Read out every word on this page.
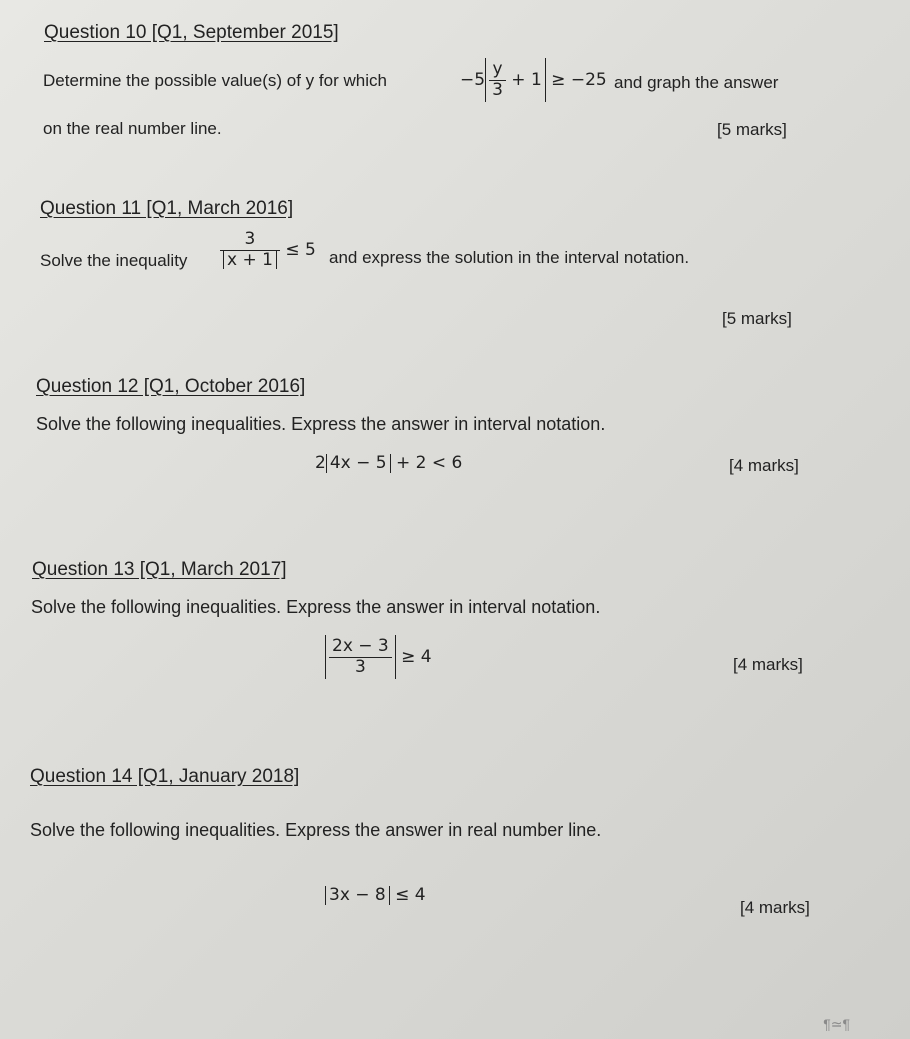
Question 10 [Q1, September 2015]
Determine the possible value(s) of y for which	$-5 \frac{y}{3} + 1 \ge -25$ and graph the answer
on the real number line.	[5 marks]
Question 11 [Q1, March 2016]
Solve the inequality $\frac{3}{x + 1} \le 5$ and express the solution in the interval notation.
[5 marks]
Question 12 [Q1, October 2016]
Solve the following inequalities. Express the answer in interval notation.
2 4x − 5 + 2 < 6	[4 marks]
Question 13 [Q1, March 2017]
Solve the following inequalities. Express the answer in interval notation.
$\frac{2x - 3}{3} \ge 4$	[4 marks]
Question 14 [Q1, January 2018]
Solve the following inequalities. Express the answer in real number line.
3x − 8 ≤ 4
[4 marks]
¶≃¶
